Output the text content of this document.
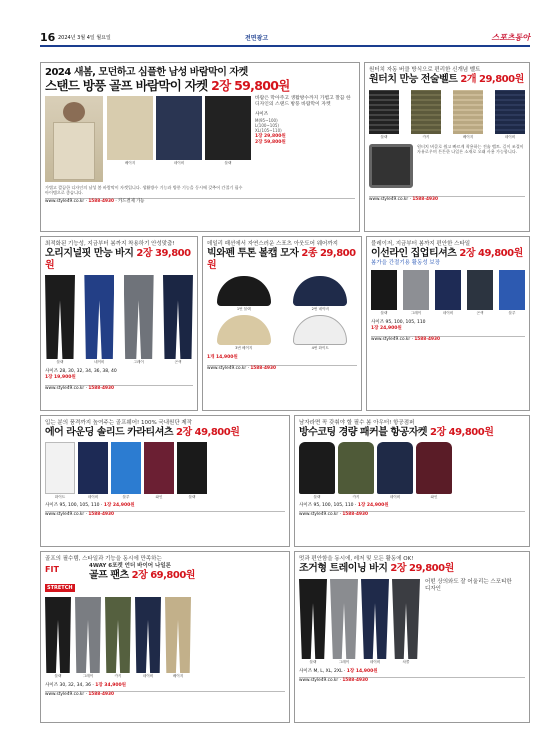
16 2024년 3월 4일 월요일	전면광고	스포츠동아
2024 새봄, 모던하고 심플한 남성 바람막이 자켓
스탠드 방풍 골프 바람막이 자켓 2장 59,800원
베이지	네이비	블랙
바람은 막아주고 생활방수까지 가볍고 깔끔 한 디자인의 스탠드 방풍 바람막이 자켓
사이즈
M(95~100)
L(100~105)
XL(105~110)
1장 29,800원
2장 59,800원
가볍고 깔끔한 디자인의 남성 봄 바람막이 자켓입니다. 생활방수 기능과 방풍 기능을 동시에 갖추어 간절기 필수 아이템으로 좋습니다.
www.style49.co.kr · 1588-4930 · 카드결제 가능
원터치 자동 버클 방식으로 편리한 신개념 벨트
원터치 만능 전술벨트 2개 29,800원
블랙	카키	베이지	네이비
원터치 버클로 쉽고 빠르게 착용하는 전술 벨트. 길이 조절이 자유로우며 튼튼한 나일론 소재로 오래 사용 가능합니다.
www.style49.co.kr · 1588-4930
최적화된 기능성, 지금부터 봄까지 착용하기 안성맞춤!
오리지널핏 만능 바지 2장 39,800원
블랙	네이비	그레이	곤색
사이즈 28, 30, 32, 34, 36, 38, 40
1장 19,900원
www.style49.co.kr · 1588-4930
데일리 패션에서 자연스러운 스포츠 아웃도어 웨어까지
빅와펜 투톤 볼캡 모자 2종 29,800원
1번 블랙	2번 네이비
3번 베이지	4번 화이트
1개 14,900원
www.style49.co.kr · 1588-4930
블레이저, 지금부터 봄까지 편안한 스타일
이선라인 집업티셔츠 2장 49,800원
봄가을 간절기용 활동성 보장
블랙	그레이	네이비	곤색	블루
사이즈 95, 100, 105, 110
1장 24,900원
www.style49.co.kr · 1588-4930
입는 분의 품격까지 높여주는 골프웨어! 100% 국내원단 제작
에어 라운딩 솔리드 카라티셔츠 2장 49,800원
화이트	네이비	블루	와인	블랙
사이즈 95, 100, 105, 110 · 1장 24,900원
www.style49.co.kr · 1588-4930
남자라면 꼭 갖춰야 할 필수 봄 아우터! 항공점퍼
방수코팅 경량 패커블 항공자켓 2장 49,800원
블랙	카키	네이비	와인
사이즈 95, 100, 105, 110 · 1장 24,900원
www.style49.co.kr · 1588-4930
골프의 필수템, 스타일과 기능을 동시에 만족하는
FIT
STRETCH
4WAY 6포켓 언더 바이어 나일론
골프 팬츠 2장 69,800원
블랙	그레이	카키	네이비	베이지
사이즈 30, 32, 34, 36 · 1장 34,900원
www.style49.co.kr · 1588-4930
멋과 편안함을 동시에, 레저 및 모든 활동에 OK!
조거형 트레이닝 바지 2장 29,800원
블랙	그레이	네이비	차콜
어떤 상의와도 잘 어울리는 스포티한 디자인
사이즈 M, L, XL, 2XL · 1장 14,900원
www.style49.co.kr · 1588-4930
